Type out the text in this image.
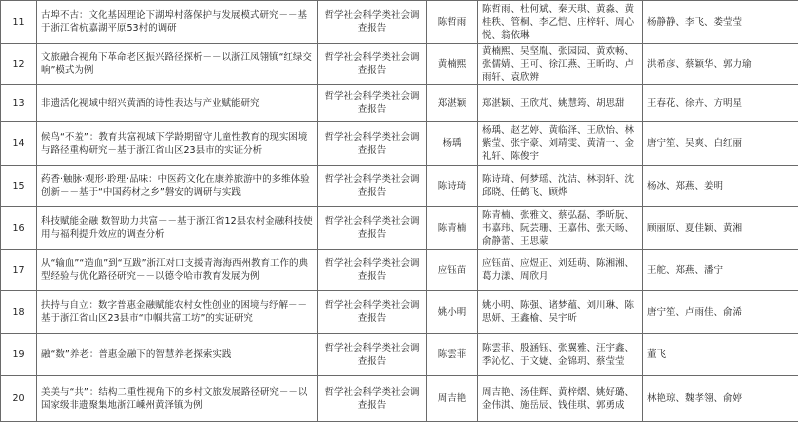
11	古埠不古：文化基因理论下湖埠村落保护与发展模式研究－－基于浙江省杭嘉湖平原53村的调研	哲学社会科学类社会调查报告	陈哲雨	陈哲雨、杜何斌、秦天琪、黄淼、黄桂秩、管桐、李乙恺、庄梓轩、周心悦、翁依琳	杨静静、李飞、娄莹莹
12	文旅融合视角下革命老区振兴路径探析－－以浙江凤翎镇“红绿交响”模式为例	哲学社会科学类社会调查报告	黄楠熙	黄楠熙、吴坚胤、张园园、黄欢畅、张儒婧、王可、徐江燕、王昕昀、卢雨轩、袁欣辨	洪希彦、蔡颖华、郭力瑜
13	非遗活化视域中绍兴黄酒的诗性表达与产业赋能研究	哲学社会科学类社会调查报告	郑湛颖	郑湛颖、王欣芃、姚慧筠、胡思甜	王春花、徐卉、方明星
14	候鸟“不羞”：教育共富视域下学龄期留守儿童性教育的现实困境与路径重构研究－基于浙江省山区23县市的实证分析	哲学社会科学类社会调查报告	杨瑀	杨瑀、赵艺婷、黄临泽、王欣怡、林紫莹、张宇豪、刘靖雯、黄清一、金礼轩、陈俊宇	唐宁笙、吴爽、白红丽
15	药香·触脉·观形·聆理·品味：中医药文化在康养旅游中的多维体验创新－－基于“中国药材之乡”磐安的调研与实践	哲学社会科学类社会调查报告	陈诗琦	陈诗琦、何梦瑶、沈洁、林羽轩、沈邱晓、任鹤飞、顾烨	杨冰、郑燕、姜明
16	科技赋能金融 数智助力共富－－基于浙江省12县农村金融科技使用与福利提升效应的调查分析	哲学社会科学类社会调查报告	陈青楠	陈青楠、张雅文、蔡弘磊、季昕朊、韦嘉玮、阮芸珊、王嘉伟、张天旸、俞静蕾、王思蒙	顾丽原、夏佳颖、黄湘
17	从“输血”“造血”到“互跋”浙江对口支援青海海西州教育工作的典型经验与优化路径研究－－以德令哈市教育发展为例	哲学社会科学类社会调查报告	应钰苗	应钰苗、应煜正、刘廷萌、陈湘湘、葛力漾、周欣月	王舵、郑燕、潘宁
18	扶持与自立：数字普惠金融赋能农村女性创业的困境与纾解－－基于浙江省山区23县市“巾帼共富工坊”的实证研究	哲学社会科学类社会调查报告	姚小明	姚小明、陈强、诸梦蕴、刘川琳、陈思妍、王鑫榆、吴宇昕	唐宁笙、卢雨佳、俞浠
19	融“数”养老：普惠金融下的智慧养老探索实践	哲学社会科学类社会调查报告	陈雲菲	陈雲菲、殷涵钰、张翼雅、汪宇鑫、季沁忆、于文婕、金锦玥、蔡莹莹	董飞
20	美美与“共”：结构二重性视角下的乡村文旅发展路径研究－－以国家级非遗聚集地浙江嵊州黄泽镇为例	哲学社会科学类社会调查报告	周吉艳	周吉艳、汤佳辉、黄梓熠、姚好璐、金伟淇、施岳辰、钱佳琪、郭勇成	林艳琼、魏孝翎、俞婷
